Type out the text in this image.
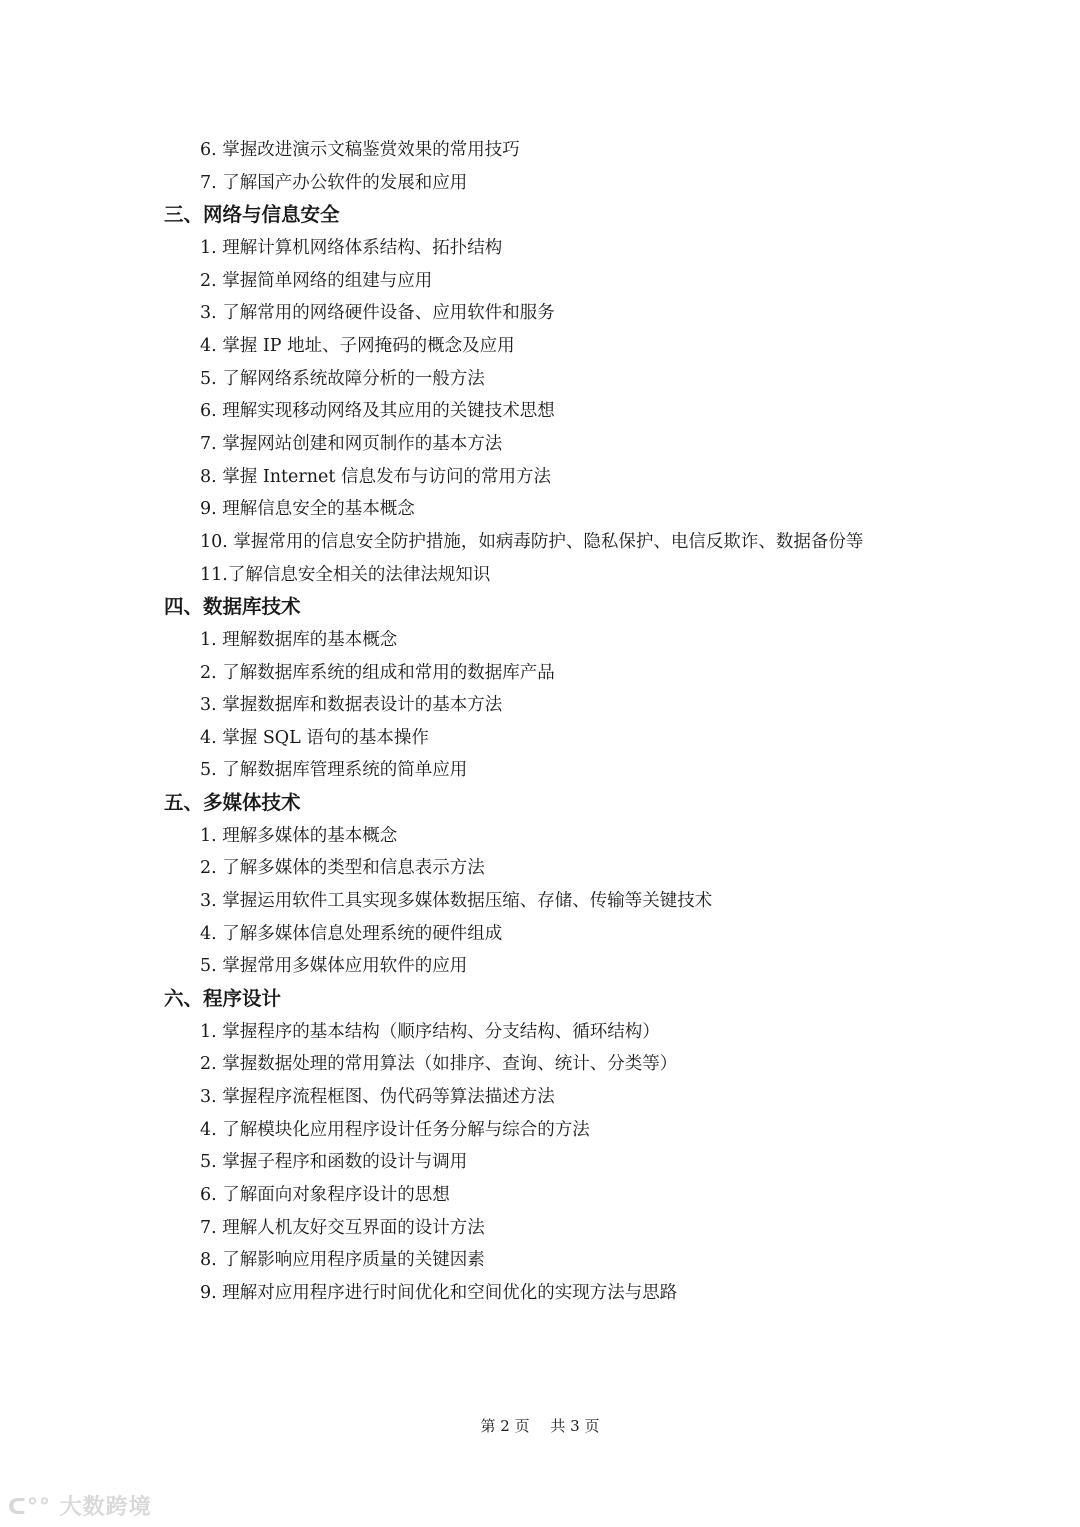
6. 掌握改进演示文稿鉴赏效果的常用技巧
7. 了解国产办公软件的发展和应用
三、网络与信息安全
1. 理解计算机网络体系结构、拓扑结构
2. 掌握简单网络的组建与应用
3. 了解常用的网络硬件设备、应用软件和服务
4. 掌握 IP 地址、子网掩码的概念及应用
5. 了解网络系统故障分析的一般方法
6. 理解实现移动网络及其应用的关键技术思想
7. 掌握网站创建和网页制作的基本方法
8. 掌握 Internet 信息发布与访问的常用方法
9. 理解信息安全的基本概念
10. 掌握常用的信息安全防护措施，如病毒防护、隐私保护、电信反欺诈、数据备份等
11.了解信息安全相关的法律法规知识
四、数据库技术
1. 理解数据库的基本概念
2. 了解数据库系统的组成和常用的数据库产品
3. 掌握数据库和数据表设计的基本方法
4. 掌握 SQL 语句的基本操作
5. 了解数据库管理系统的简单应用
五、多媒体技术
1. 理解多媒体的基本概念
2. 了解多媒体的类型和信息表示方法
3. 掌握运用软件工具实现多媒体数据压缩、存储、传输等关键技术
4. 了解多媒体信息处理系统的硬件组成
5. 掌握常用多媒体应用软件的应用
六、程序设计
1. 掌握程序的基本结构（顺序结构、分支结构、循环结构）
2. 掌握数据处理的常用算法（如排序、查询、统计、分类等）
3. 掌握程序流程框图、伪代码等算法描述方法
4. 了解模块化应用程序设计任务分解与综合的方法
5. 掌握子程序和函数的设计与调用
6. 了解面向对象程序设计的思想
7. 理解人机友好交互界面的设计方法
8. 了解影响应用程序质量的关键因素
9. 理解对应用程序进行时间优化和空间优化的实现方法与思路
第 2 页 共 3 页
ᑕ°° 大数跨境
